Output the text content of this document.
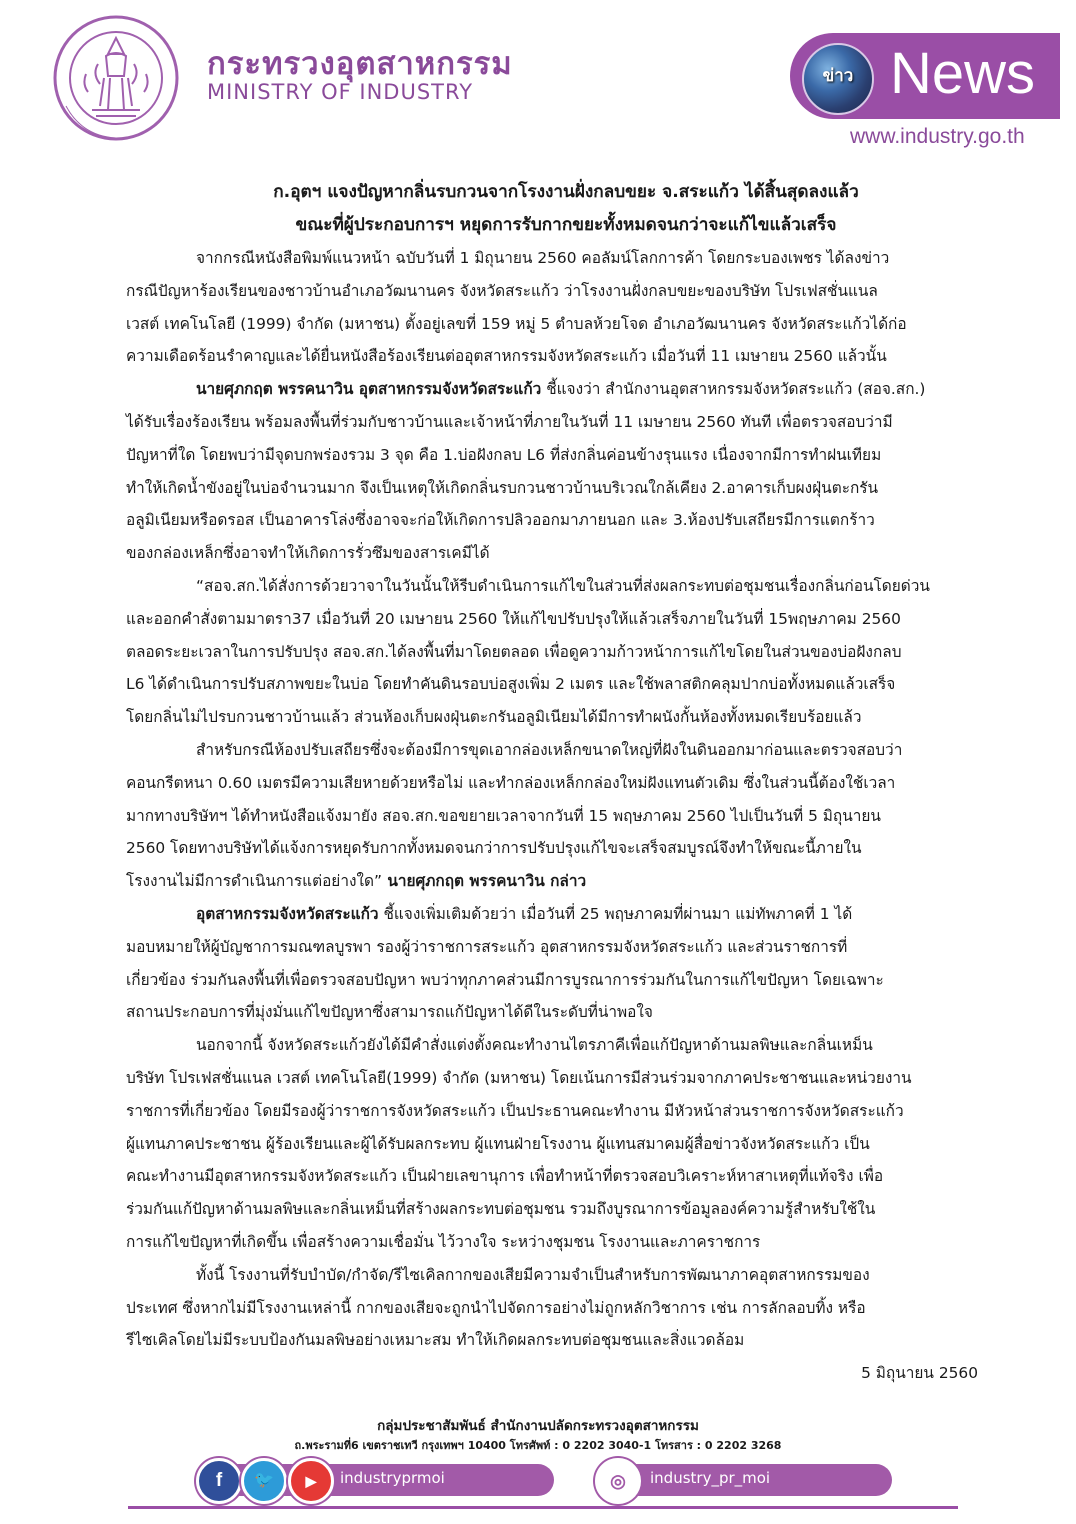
กระทรวงอุตสาหกรรม
MINISTRY OF INDUSTRY
ข่าว News
www.industry.go.th
ก.อุตฯ แจงปัญหากลิ่นรบกวนจากโรงงานฝั่งกลบขยะ จ.สระแก้ว ได้สิ้นสุดลงแล้ว
ขณะที่ผู้ประกอบการฯ หยุดการรับกากขยะทั้งหมดจนกว่าจะแก้ไขแล้วเสร็จ
จากกรณีหนังสือพิมพ์แนวหน้า ฉบับวันที่ 1 มิถุนายน 2560 คอลัมน์โลกการค้า โดยกระบองเพชร ได้ลงข่าว
กรณีปัญหาร้องเรียนของชาวบ้านอำเภอวัฒนานคร จังหวัดสระแก้ว ว่าโรงงานฝั่งกลบขยะของบริษัท โปรเฟสชั่นแนล
เวสต์ เทคโนโลยี (1999) จำกัด (มหาชน) ตั้งอยู่เลขที่ 159 หมู่ 5 ตำบลห้วยโจด อำเภอวัฒนานคร จังหวัดสระแก้วได้ก่อ
ความเดือดร้อนรำคาญและได้ยื่นหนังสือร้องเรียนต่ออุตสาหกรรมจังหวัดสระแก้ว เมื่อวันที่ 11 เมษายน 2560 แล้วนั้น
นายศุภกฤต พรรคนาวิน อุตสาหกรรมจังหวัดสระแก้ว ชี้แจงว่า สำนักงานอุตสาหกรรมจังหวัดสระแก้ว (สอจ.สก.)
ได้รับเรื่องร้องเรียน พร้อมลงพื้นที่ร่วมกับชาวบ้านและเจ้าหน้าที่ภายในวันที่ 11 เมษายน 2560 ทันที เพื่อตรวจสอบว่ามี
ปัญหาที่ใด โดยพบว่ามีจุดบกพร่องรวม 3 จุด คือ 1.บ่อฝังกลบ L6 ที่ส่งกลิ่นค่อนข้างรุนแรง เนื่องจากมีการทำฝนเทียม
ทำให้เกิดน้ำขังอยู่ในบ่อจำนวนมาก จึงเป็นเหตุให้เกิดกลิ่นรบกวนชาวบ้านบริเวณใกล้เคียง 2.อาคารเก็บผงฝุ่นตะกรัน
อลูมิเนียมหรือดรอส เป็นอาคารโล่งซึ่งอาจจะก่อให้เกิดการปลิวออกมาภายนอก และ 3.ห้องปรับเสถียรมีการแตกร้าว
ของกล่องเหล็กซึ่งอาจทำให้เกิดการรั่วซึมของสารเคมีได้
“สอจ.สก.ได้สั่งการด้วยวาจาในวันนั้นให้รีบดำเนินการแก้ไขในส่วนที่ส่งผลกระทบต่อชุมชนเรื่องกลิ่นก่อนโดยด่วน
และออกคำสั่งตามมาตรา37 เมื่อวันที่ 20 เมษายน 2560 ให้แก้ไขปรับปรุงให้แล้วเสร็จภายในวันที่ 15พฤษภาคม 2560
ตลอดระยะเวลาในการปรับปรุง สอจ.สก.ได้ลงพื้นที่มาโดยตลอด เพื่อดูความก้าวหน้าการแก้ไขโดยในส่วนของบ่อฝังกลบ
L6 ได้ดำเนินการปรับสภาพขยะในบ่อ โดยทำคันดินรอบบ่อสูงเพิ่ม 2 เมตร และใช้พลาสติกคลุมปากบ่อทั้งหมดแล้วเสร็จ
โดยกลิ่นไม่ไปรบกวนชาวบ้านแล้ว ส่วนห้องเก็บผงฝุ่นตะกรันอลูมิเนียมได้มีการทำผนังกั้นห้องทั้งหมดเรียบร้อยแล้ว
สำหรับกรณีห้องปรับเสถียรซึ่งจะต้องมีการขุดเอากล่องเหล็กขนาดใหญ่ที่ฝังในดินออกมาก่อนและตรวจสอบว่า
คอนกรีตหนา 0.60 เมตรมีความเสียหายด้วยหรือไม่ และทำกล่องเหล็กกล่องใหม่ฝังแทนตัวเดิม ซึ่งในส่วนนี้ต้องใช้เวลา
มากทางบริษัทฯ ได้ทำหนังสือแจ้งมายัง สอจ.สก.ขอขยายเวลาจากวันที่ 15 พฤษภาคม 2560 ไปเป็นวันที่ 5 มิถุนายน
2560 โดยทางบริษัทได้แจ้งการหยุดรับกากทั้งหมดจนกว่าการปรับปรุงแก้ไขจะเสร็จสมบูรณ์จึงทำให้ขณะนี้ภายใน
โรงงานไม่มีการดำเนินการแต่อย่างใด” นายศุภกฤต พรรคนาวิน กล่าว
อุตสาหกรรมจังหวัดสระแก้ว ชี้แจงเพิ่มเติมด้วยว่า เมื่อวันที่ 25 พฤษภาคมที่ผ่านมา แม่ทัพภาคที่ 1 ได้
มอบหมายให้ผู้บัญชาการมณฑลบูรพา รองผู้ว่าราชการสระแก้ว อุตสาหกรรมจังหวัดสระแก้ว และส่วนราชการที่
เกี่ยวข้อง ร่วมกันลงพื้นที่เพื่อตรวจสอบปัญหา พบว่าทุกภาคส่วนมีการบูรณาการร่วมกันในการแก้ไขปัญหา โดยเฉพาะ
สถานประกอบการที่มุ่งมั่นแก้ไขปัญหาซึ่งสามารถแก้ปัญหาได้ดีในระดับที่น่าพอใจ
นอกจากนี้ จังหวัดสระแก้วยังได้มีคำสั่งแต่งตั้งคณะทำงานไตรภาคีเพื่อแก้ปัญหาด้านมลพิษและกลิ่นเหม็น
บริษัท โปรเฟสชั่นแนล เวสต์ เทคโนโลยี(1999) จำกัด (มหาชน) โดยเน้นการมีส่วนร่วมจากภาคประชาชนและหน่วยงาน
ราชการที่เกี่ยวข้อง โดยมีรองผู้ว่าราชการจังหวัดสระแก้ว เป็นประธานคณะทำงาน มีหัวหน้าส่วนราชการจังหวัดสระแก้ว
ผู้แทนภาคประชาชน ผู้ร้องเรียนและผู้ได้รับผลกระทบ ผู้แทนฝ่ายโรงงาน ผู้แทนสมาคมผู้สื่อข่าวจังหวัดสระแก้ว เป็น
คณะทำงานมีอุตสาหกรรมจังหวัดสระแก้ว เป็นฝ่ายเลขานุการ เพื่อทำหน้าที่ตรวจสอบวิเคราะห์หาสาเหตุที่แท้จริง เพื่อ
ร่วมกันแก้ปัญหาด้านมลพิษและกลิ่นเหม็นที่สร้างผลกระทบต่อชุมชน รวมถึงบูรณาการข้อมูลองค์ความรู้สำหรับใช้ใน
การแก้ไขปัญหาที่เกิดขึ้น เพื่อสร้างความเชื่อมั่น ไว้วางใจ ระหว่างชุมชน โรงงานและภาคราชการ
ทั้งนี้ โรงงานที่รับบำบัด/กำจัด/รีไซเคิลกากของเสียมีความจำเป็นสำหรับการพัฒนาภาคอุตสาหกรรมของ
ประเทศ ซึ่งหากไม่มีโรงงานเหล่านี้ กากของเสียจะถูกนำไปจัดการอย่างไม่ถูกหลักวิชาการ เช่น การลักลอบทิ้ง หรือ
รีไซเคิลโดยไม่มีระบบป้องกันมลพิษอย่างเหมาะสม ทำให้เกิดผลกระทบต่อชุมชนและสิ่งแวดล้อม
5 มิถุนายน 2560
กลุ่มประชาสัมพันธ์ สำนักงานปลัดกระทรวงอุตสาหกรรม
ถ.พระรามที่6 เขตราชเทวี กรุงเทพฯ 10400 โทรศัพท์ : 0 2202 3040-1 โทรสาร : 0 2202 3268
f	🐦	▶	industryprmoi	◎	industry_pr_moi
